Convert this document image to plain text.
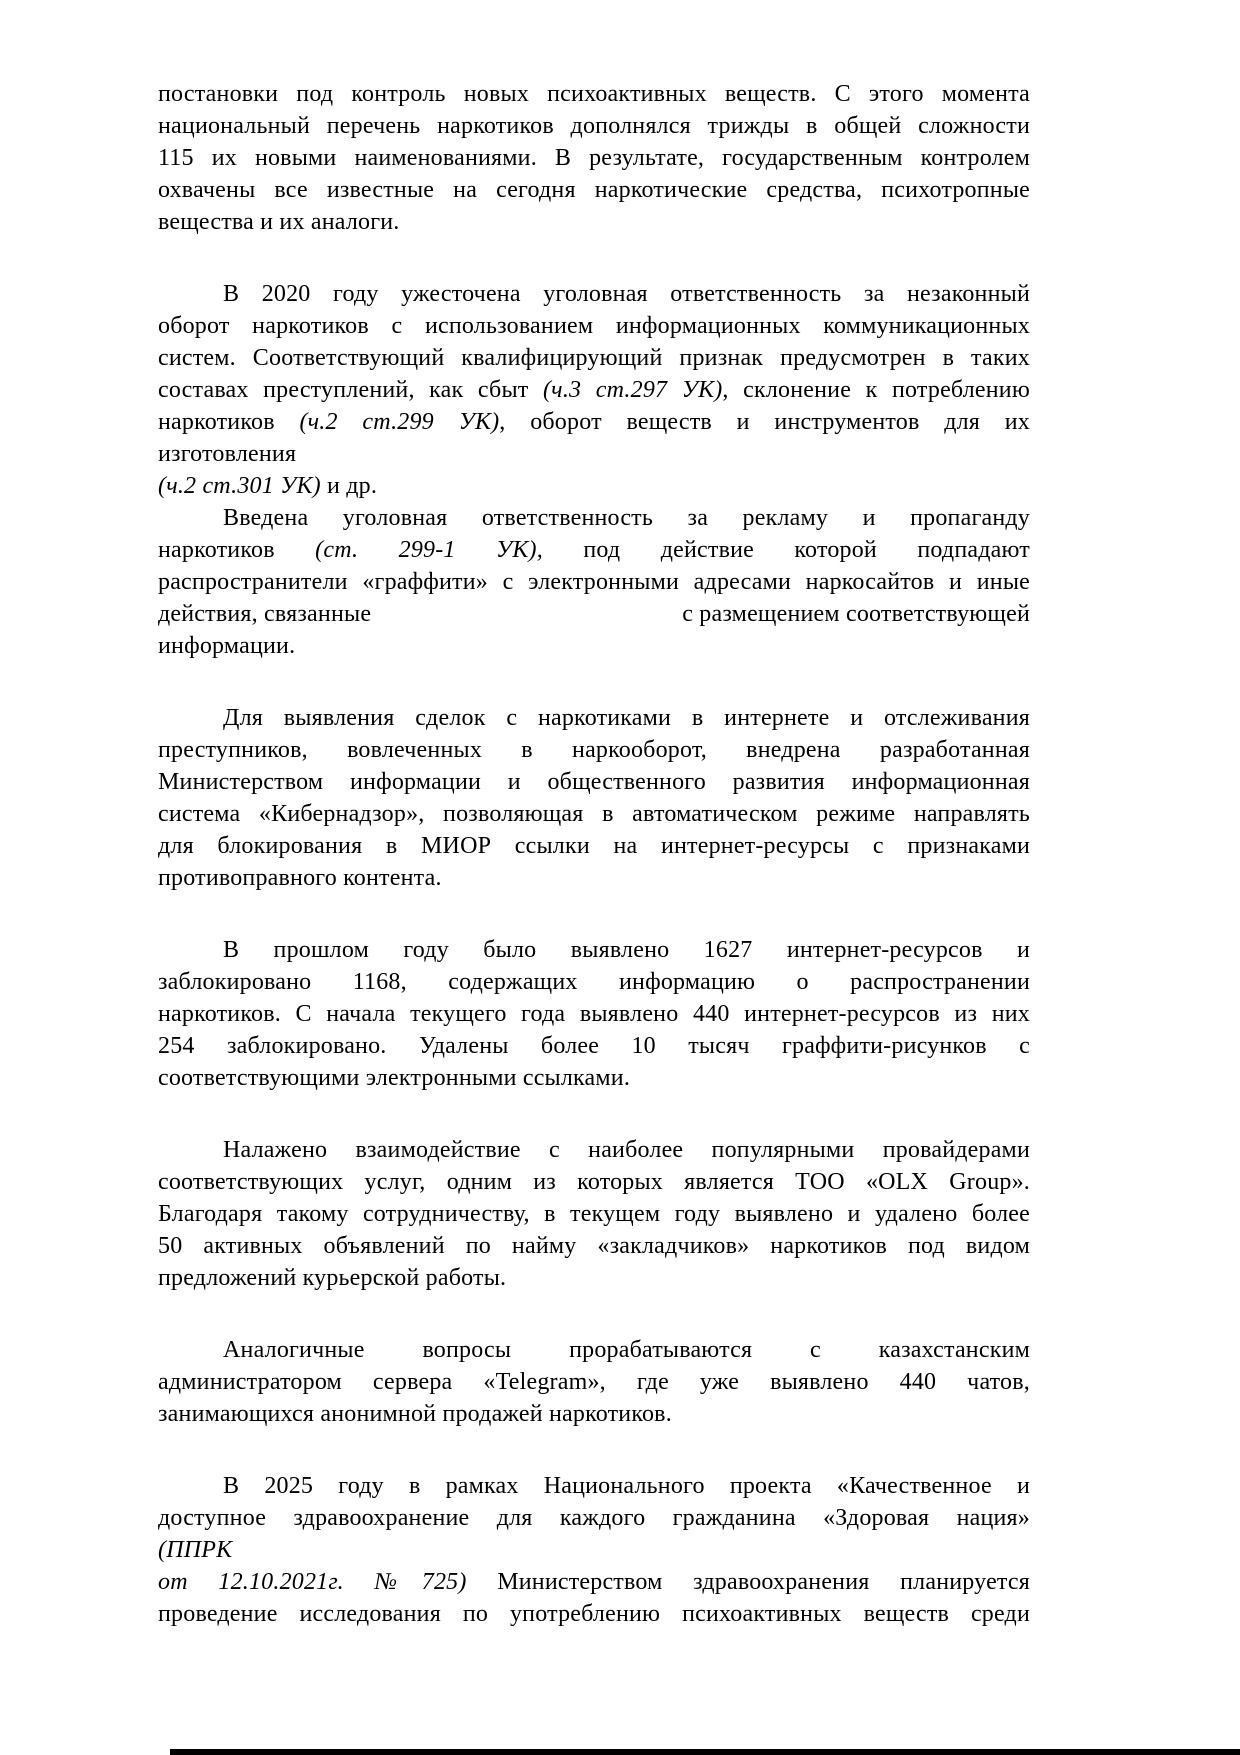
постановки под контроль новых психоактивных веществ. С этого момента
национальный перечень наркотиков дополнялся трижды в общей сложности
115 их новыми наименованиями. В результате, государственным контролем
охвачены все известные на сегодня наркотические средства, психотропные
вещества и их аналоги.
В 2020 году ужесточена уголовная ответственность за незаконный
оборот наркотиков с использованием информационных коммуникационных
систем. Соответствующий квалифицирующий признак предусмотрен в таких
составах преступлений, как сбыт (ч.3 ст.297 УК), склонение к потреблению
наркотиков (ч.2 ст.299 УК), оборот веществ и инструментов для их
изготовления
(ч.2 ст.301 УК) и др.
Введена уголовная ответственность за рекламу и пропаганду
наркотиков (ст. 299-1 УК), под действие которой подпадают
распространители «граффити» с электронными адресами наркосайтов и иные
действия, связанные	с размещением соответствующей
информации.
Для выявления сделок с наркотиками в интернете и отслеживания
преступников, вовлеченных в наркооборот, внедрена разработанная
Министерством информации и общественного развития информационная
система «Кибернадзор», позволяющая в автоматическом режиме направлять
для блокирования в МИОР ссылки на интернет-ресурсы с признаками
противоправного контента.
В прошлом году было выявлено 1627 интернет-ресурсов и
заблокировано 1168, содержащих информацию о распространении
наркотиков. С начала текущего года выявлено 440 интернет-ресурсов из них
254 заблокировано. Удалены более 10 тысяч граффити-рисунков с
соответствующими электронными ссылками.
Налажено взаимодействие с наиболее популярными провайдерами
соответствующих услуг, одним из которых является ТОО «OLX Group».
Благодаря такому сотрудничеству, в текущем году выявлено и удалено более
50 активных объявлений по найму «закладчиков» наркотиков под видом
предложений курьерской работы.
Аналогичные вопросы прорабатываются с казахстанским
администратором сервера «Telegram», где уже выявлено 440 чатов,
занимающихся анонимной продажей наркотиков.
В 2025 году в рамках Национального проекта «Качественное и
доступное здравоохранение для каждого гражданина «Здоровая нация»
(ППРК
от 12.10.2021г. №725) Министерством здравоохранения планируется
проведение исследования по употреблению психоактивных веществ среди
